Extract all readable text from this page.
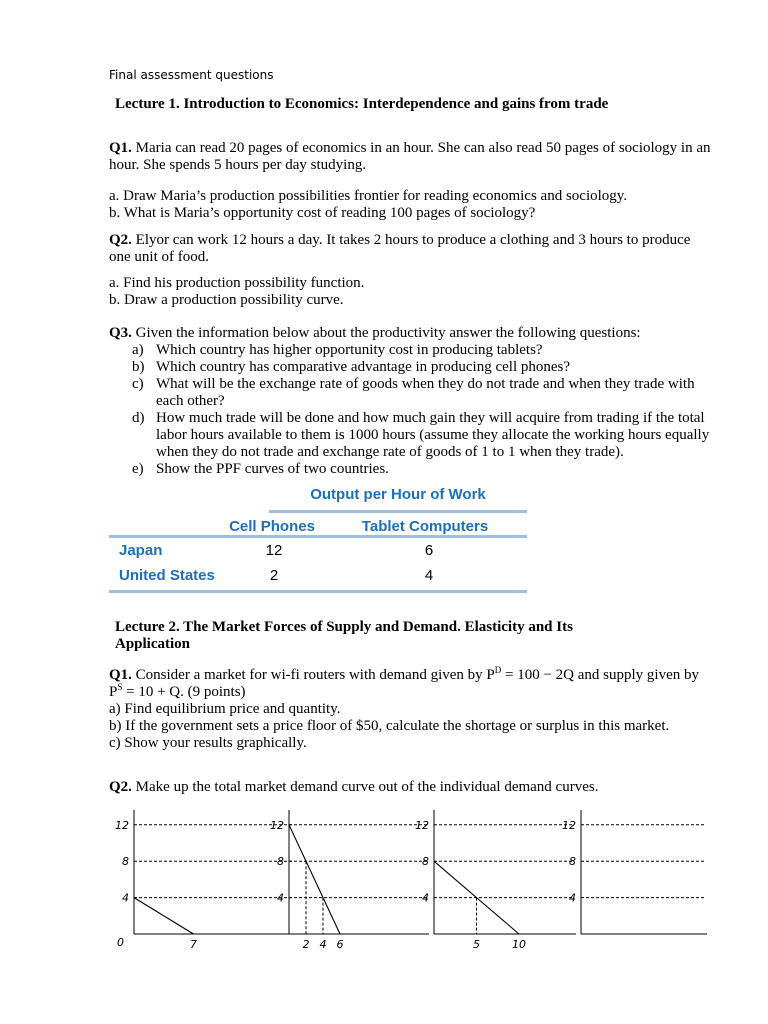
Final assessment questions
Lecture 1. Introduction to Economics: Interdependence and gains from trade

Q1. Maria can read 20 pages of economics in an hour. She can also read 50 pages of sociology in an hour. She spends 5 hours per day studying.

a. Draw Maria’s production possibilities frontier for reading economics and sociology.

b. What is Maria’s opportunity cost of reading 100 pages of sociology?

Q2. Elyor can work 12 hours a day. It takes 2 hours to produce a clothing and 3 hours to produce one unit of food.

a. Find his production possibility function.

b. Draw a production possibility curve.

Q3. Given the information below about the productivity answer the following questions:

a) Which country has higher opportunity cost in producing tablets?
b) Which country has comparative advantage in producing cell phones?
c) What will be the exchange rate of goods when they do not trade and when they trade with each other?
d) How much trade will be done and how much gain they will acquire from trading if the total labor hours available to them is 1000 hours (assume they allocate the working hours equally when they do not trade and exchange rate of goods of 1 to 1 when they trade).
e) Show the PPF curves of two countries.
Output per Hour of Work
Cell Phones	Tablet Computers
Japan	12	6
United States	2	4
Lecture 2. The Market Forces of Supply and Demand. Elasticity and Its
Application

Q1. Consider a market for wi-fi routers with demand given by $P^D = 100 - 2Q$ and supply given by $P^S = 10 + Q$. (9 points)

a) Find equilibrium price and quantity.

b) If the government sets a price floor of $50, calculate the shortage or surplus in this market.

c) Show your results graphically.

Q2. Make up the total market demand curve out of the individual demand curves.

12
8
4
0	7
12
8
4
2 4 6
12
8
4
5	10
12
8
4
